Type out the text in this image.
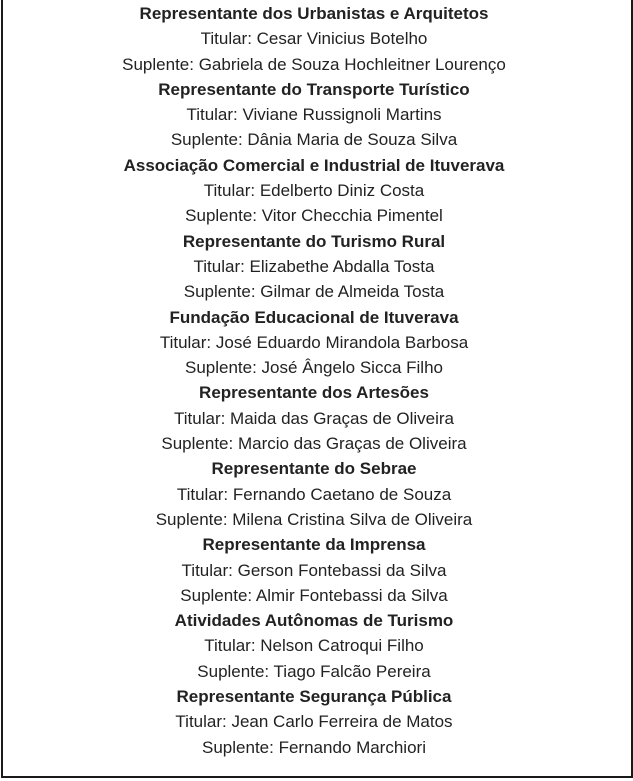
Representante dos Urbanistas e Arquitetos
Titular: Cesar Vinicius Botelho
Suplente: Gabriela de Souza Hochleitner Lourenço
Representante do Transporte Turístico
Titular: Viviane Russignoli Martins
Suplente: Dânia Maria de Souza Silva
Associação Comercial e Industrial de Ituverava
Titular: Edelberto Diniz Costa
Suplente: Vitor Checchia Pimentel
Representante do Turismo Rural
Titular: Elizabethe Abdalla Tosta
Suplente: Gilmar de Almeida Tosta
Fundação Educacional de Ituverava
Titular: José Eduardo Mirandola Barbosa
Suplente: José Ângelo Sicca Filho
Representante dos Artesões
Titular: Maida das Graças de Oliveira
Suplente: Marcio das Graças de Oliveira
Representante do Sebrae
Titular: Fernando Caetano de Souza
Suplente: Milena Cristina Silva de Oliveira
Representante da Imprensa
Titular: Gerson Fontebassi da Silva
Suplente: Almir Fontebassi da Silva
Atividades Autônomas de Turismo
Titular: Nelson Catroqui Filho
Suplente: Tiago Falcão Pereira
Representante Segurança Pública
Titular: Jean Carlo Ferreira de Matos
Suplente: Fernando Marchiori
